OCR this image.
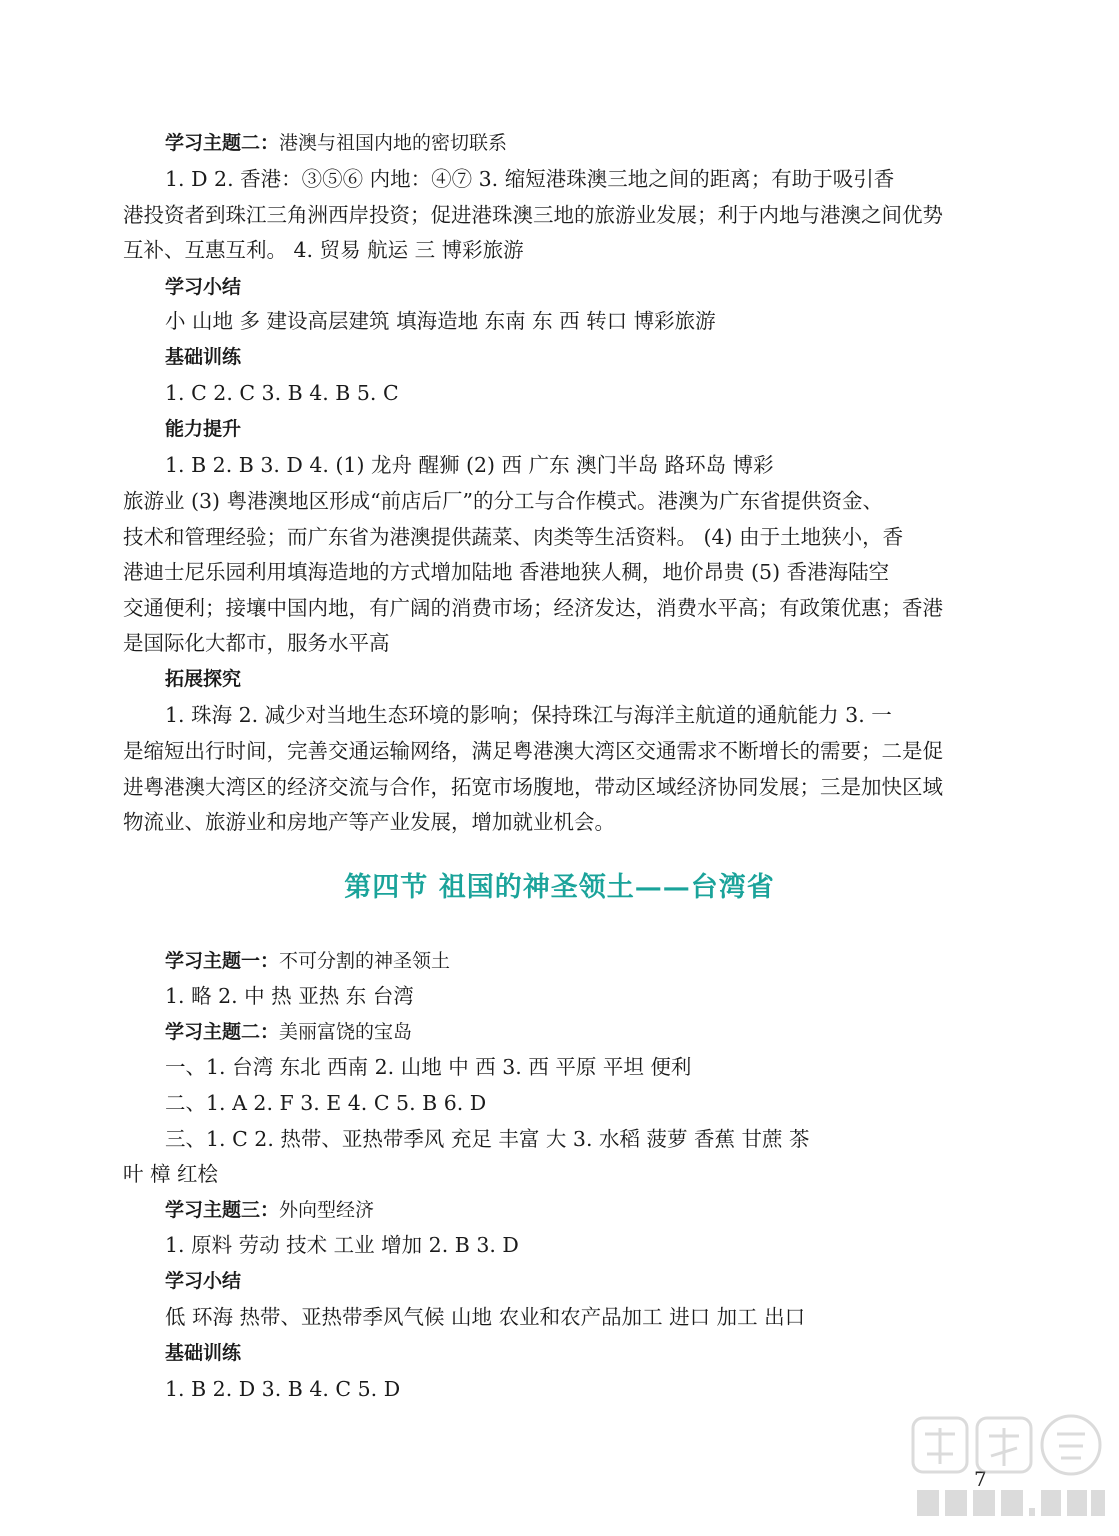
学习主题二：港澳与祖国内地的密切联系
1. D 2. 香港：③⑤⑥ 内地：④⑦ 3. 缩短港珠澳三地之间的距离；有助于吸引香
港投资者到珠江三角洲西岸投资；促进港珠澳三地的旅游业发展；利于内地与港澳之间优势
互补、互惠互利。 4. 贸易 航运 三 博彩旅游
学习小结
小 山地 多 建设高层建筑 填海造地 东南 东 西 转口 博彩旅游
基础训练
1. C 2. C 3. B 4. B 5. C
能力提升
1. B 2. B 3. D 4. (1) 龙舟 醒狮 (2) 西 广东 澳门半岛 路环岛 博彩
旅游业 (3) 粤港澳地区形成“前店后厂”的分工与合作模式。港澳为广东省提供资金、
技术和管理经验；而广东省为港澳提供蔬菜、肉类等生活资料。 (4) 由于土地狭小，香
港迪士尼乐园利用填海造地的方式增加陆地 香港地狭人稠，地价昂贵 (5) 香港海陆空
交通便利；接壤中国内地，有广阔的消费市场；经济发达，消费水平高；有政策优惠；香港
是国际化大都市，服务水平高
拓展探究
1. 珠海 2. 减少对当地生态环境的影响；保持珠江与海洋主航道的通航能力 3. 一
是缩短出行时间，完善交通运输网络，满足粤港澳大湾区交通需求不断增长的需要；二是促
进粤港澳大湾区的经济交流与合作，拓宽市场腹地，带动区域经济协同发展；三是加快区域
物流业、旅游业和房地产等产业发展，增加就业机会。
第四节 祖国的神圣领土——台湾省
学习主题一：不可分割的神圣领土
1. 略 2. 中 热 亚热 东 台湾
学习主题二：美丽富饶的宝岛
一、1. 台湾 东北 西南 2. 山地 中 西 3. 西 平原 平坦 便利
二、1. A 2. F 3. E 4. C 5. B 6. D
三、1. C 2. 热带、亚热带季风 充足 丰富 大 3. 水稻 菠萝 香蕉 甘蔗 茶
叶 樟 红桧
学习主题三：外向型经济
1. 原料 劳动 技术 工业 增加 2. B 3. D
学习小结
低 环海 热带、亚热带季风气候 山地 农业和农产品加工 进口 加工 出口
基础训练
1. B 2. D 3. B 4. C 5. D
7
